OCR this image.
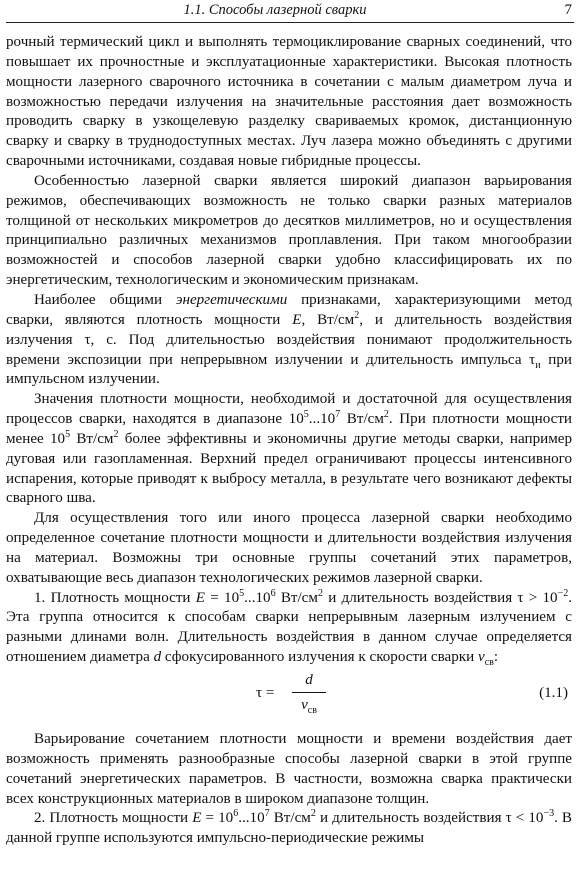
1.1. Способы лазерной сварки	7

рочный термический цикл и выполнять термоциклирование сварных соединений, что повышает их прочностные и эксплуатационные характеристики. Высокая плотность мощности лазерного сварочного источника в сочетании с малым диаметром луча и возможностью передачи излучения на значительные расстояния дает возможность проводить сварку в узкощелевую разделку свариваемых кромок, дистанционную сварку и сварку в труднодоступных местах. Луч лазера можно объединять с другими сварочными источниками, создавая новые гибридные процессы.

Особенностью лазерной сварки является широкий диапазон варьирования режимов, обеспечивающих возможность не только сварки разных материалов толщиной от нескольких микрометров до десятков миллиметров, но и осуществления принципиально различных механизмов проплавления. При таком многообразии возможностей и способов лазерной сварки удобно классифицировать их по энергетическим, технологическим и экономическим признакам.

Наиболее общими энергетическими признаками, характеризующими метод сварки, являются плотность мощности E, $Вт/см^2$, и длительность воздействия излучения τ, с. Под длительностью воздействия понимают продолжительность времени экспозиции при непрерывном излучении и длительность импульса $\tau_и$ при импульсном излучении.

Значения плотности мощности, необходимой и достаточной для осуществления процессов сварки, находятся в диапазоне $10^5...10^7$ $Вт/см^2$. При плотности мощности менее $10^5$ $Вт/см^2$ более эффективны и экономичны другие методы сварки, например дуговая или газопламенная. Верхний предел ограничивают процессы интенсивного испарения, которые приводят к выбросу металла, в результате чего возникают дефекты сварного шва.

Для осуществления того или иного процесса лазерной сварки необходимо определенное сочетание плотности мощности и длительности воздействия излучения на материал. Возможны три основные группы сочетаний этих параметров, охватывающие весь диапазон технологических режимов лазерной сварки.

1. Плотность мощности $E = 10^5...10^6$ $Вт/см^2$ и длительность воздействия $\tau > 10^{-2}$. Эта группа относится к способам сварки непрерывным лазерным излучением с разными длинами волн. Длительность воздействия в данном случае определяется отношением диаметра d сфокусированного излучения к скорости сварки $v_{св}$:

τ =
d
$v_{св}$
(1.1)

Варьирование сочетанием плотности мощности и времени воздействия дает возможность применять разнообразные способы лазерной сварки в этой группе сочетаний энергетических параметров. В частности, возможна сварка практически всех конструкционных материалов в широком диапазоне толщин.

2. Плотность мощности $E = 10^6...10^7$ $Вт/см^2$ и длительность воздействия $\tau < 10^{-3}$. В данной группе используются импульсно-периодические режимы
